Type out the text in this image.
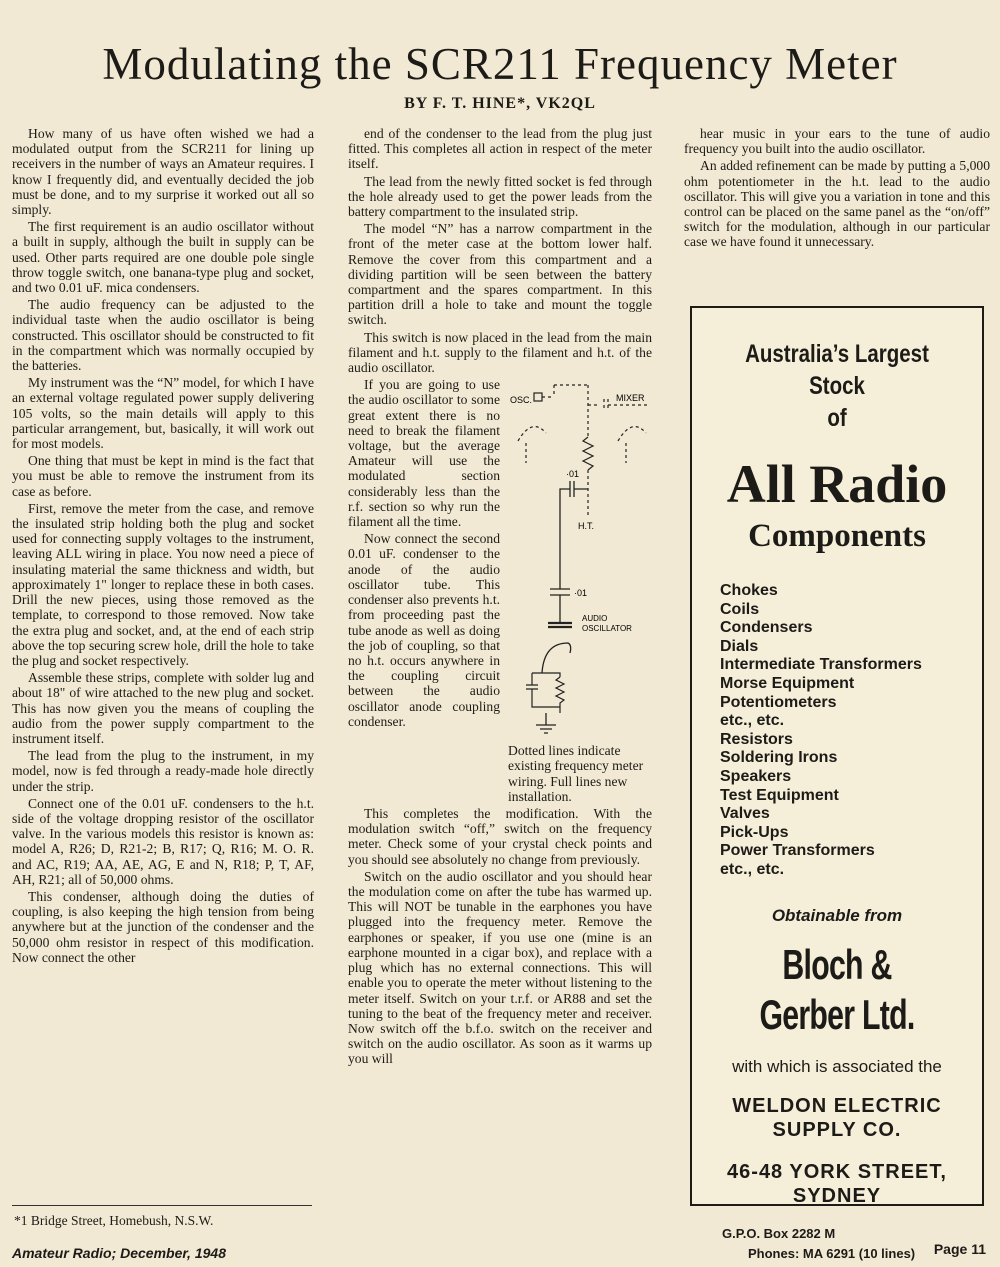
Modulating the SCR211 Frequency Meter
BY F. T. HINE*, VK2QL

How many of us have often wished we had a modulated output from the SCR211 for lining up receivers in the number of ways an Amateur requires. I know I frequently did, and eventually decided the job must be done, and to my surprise it worked out all so simply.

The first requirement is an audio oscillator without a built in supply, although the built in supply can be used. Other parts required are one double pole single throw toggle switch, one banana-type plug and socket, and two 0.01 uF. mica condensers.

The audio frequency can be adjusted to the individual taste when the audio oscillator is being constructed. This oscillator should be constructed to fit in the compartment which was normally occupied by the batteries.

My instrument was the “N” model, for which I have an external voltage regulated power supply delivering 105 volts, so the main details will apply to this particular arrangement, but, basically, it will work out for most models.

One thing that must be kept in mind is the fact that you must be able to remove the instrument from its case as before.

First, remove the meter from the case, and remove the insulated strip holding both the plug and socket used for connecting supply voltages to the instrument, leaving ALL wiring in place. You now need a piece of insulating material the same thickness and width, but approximately 1" longer to replace these in both cases. Drill the new pieces, using those removed as the template, to correspond to those removed. Now take the extra plug and socket, and, at the end of each strip above the top securing screw hole, drill the hole to take the plug and socket respectively.

Assemble these strips, complete with solder lug and about 18" of wire attached to the new plug and socket. This has now given you the means of coupling the audio from the power supply compartment to the instrument itself.

The lead from the plug to the instrument, in my model, now is fed through a ready-made hole directly under the strip.

Connect one of the 0.01 uF. condensers to the h.t. side of the voltage dropping resistor of the oscillator valve. In the various models this resistor is known as: model A, R26; D, R21-2; B, R17; Q, R16; M. O. R. and AC, R19; AA, AE, AG, E and N, R18; P, T, AF, AH, R21; all of 50,000 ohms.

This condenser, although doing the duties of coupling, is also keeping the high tension from being anywhere but at the junction of the condenser and the 50,000 ohm resistor in respect of this modification. Now connect the other

end of the condenser to the lead from the plug just fitted. This completes all action in respect of the meter itself.

The lead from the newly fitted socket is fed through the hole already used to get the power leads from the battery compartment to the insulated strip.

The model “N” has a narrow compartment in the front of the meter case at the bottom lower half. Remove the cover from this compartment and a dividing partition will be seen between the battery compartment and the spares compartment. In this partition drill a hole to take and mount the toggle switch.

This switch is now placed in the lead from the main filament and h.t. supply to the filament and h.t. of the audio oscillator.

If you are going to use the audio oscillator to some great extent there is no need to break the filament voltage, but the average Amateur will use the modulated section considerably less than the r.f. section so why run the filament all the time.

Now connect the second 0.01 uF. condenser to the anode of the audio oscillator tube. This condenser also prevents h.t. from proceeding past the tube anode as well as doing the job of coupling, so that no h.t. occurs anywhere in the coupling circuit between the audio oscillator anode coupling condenser.

OSC.	MIXER
H.T.
·01
·01
AUDIO
OSCILLATOR

Dotted lines indicate existing frequency meter wiring. Full lines new installation.

This completes the modification. With the modulation switch “off,” switch on the frequency meter. Check some of your crystal check points and you should see absolutely no change from previously.

Switch on the audio oscillator and you should hear the modulation come on after the tube has warmed up. This will NOT be tunable in the earphones you have plugged into the frequency meter. Remove the earphones or speaker, if you use one (mine is an earphone mounted in a cigar box), and replace with a plug which has no external connections. This will enable you to operate the meter without listening to the meter itself. Switch on your t.r.f. or AR88 and set the tuning to the beat of the frequency meter and receiver. Now switch off the b.f.o. switch on the receiver and switch on the audio oscillator. As soon as it warms up you will

hear music in your ears to the tune of audio frequency you built into the audio oscillator.

An added refinement can be made by putting a 5,000 ohm potentiometer in the h.t. lead to the audio oscillator. This will give you a variation in tone and this control can be placed on the same panel as the “on/off” switch for the modulation, although in our particular case we have found it unnecessary.

Australia’s Largest Stock
of
All Radio
Components
Chokes
Coils
Condensers
Dials
Intermediate Transformers
Morse Equipment
Potentiometers
etc., etc.
Resistors
Soldering Irons
Speakers
Test Equipment
Valves
Pick-Ups
Power Transformers
etc., etc.
Obtainable from
Bloch & Gerber Ltd.
with which is associated the
WELDON ELECTRIC SUPPLY CO.
46-48 YORK STREET,
SYDNEY
G.P.O. Box 2282 M
Phones: MA 6291 (10 lines)
*1 Bridge Street, Homebush, N.S.W.
Amateur Radio; December, 1948	Page 11
